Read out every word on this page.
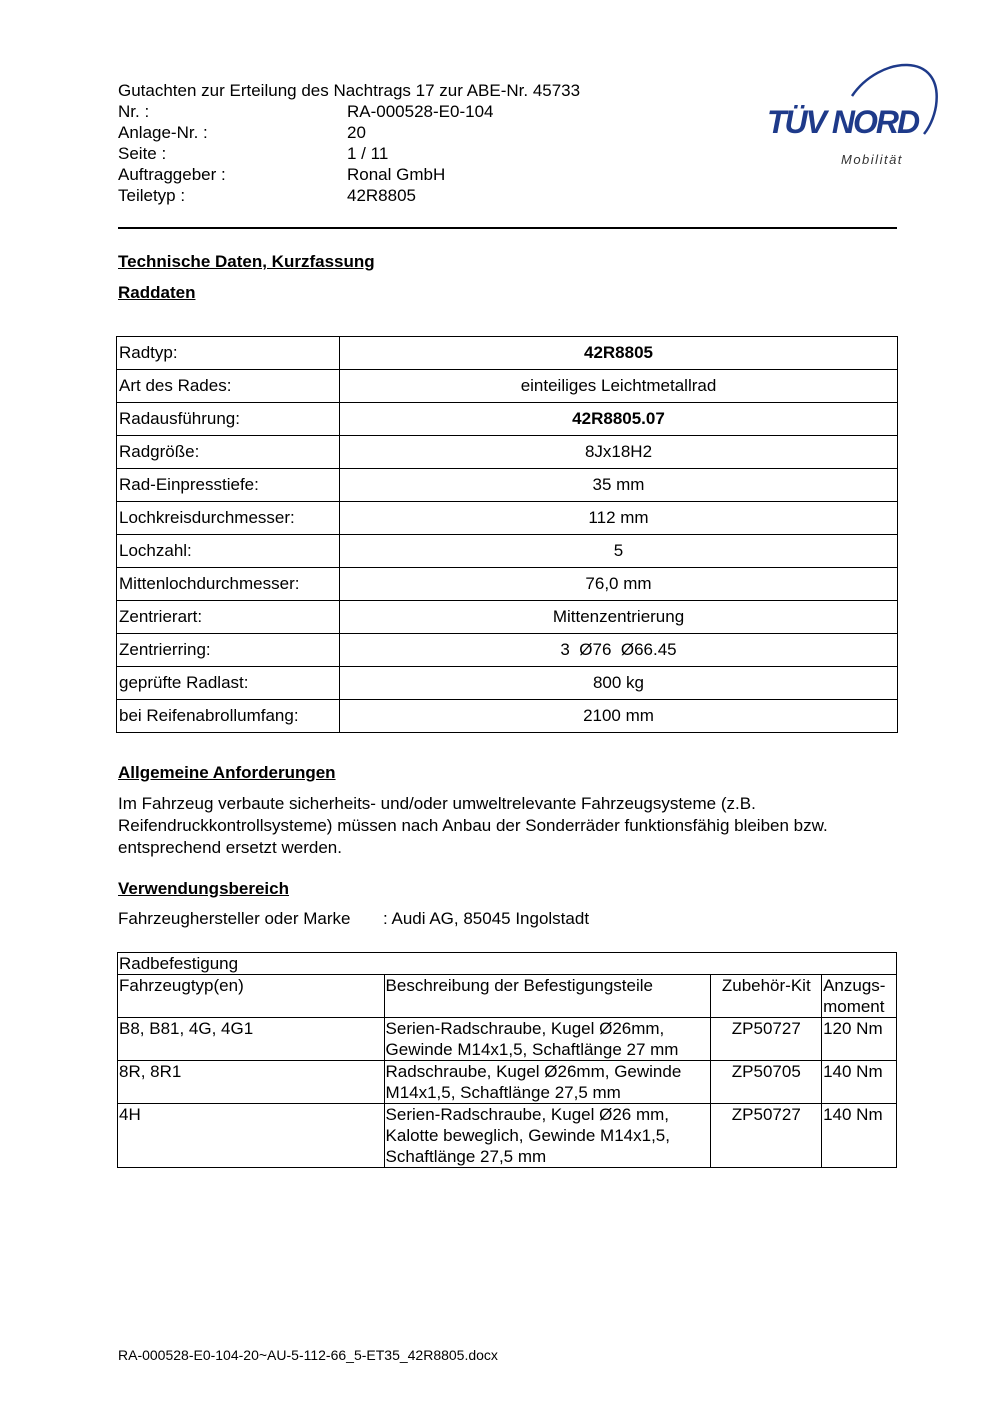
Gutachten zur Erteilung des Nachtrags 17 zur ABE-Nr. 45733
Nr. :	RA-000528-E0-104
Anlage-Nr. :	20
Seite :	1 / 11
Auftraggeber :	Ronal GmbH
Teiletyp :	42R8805
TÜV NORD
Mobilität
Technische Daten, Kurzfassung
Raddaten
Radtyp:	42R8805
Art des Rades:	einteiliges Leichtmetallrad
Radausführung:	42R8805.07
Radgröße:	8Jx18H2
Rad-Einpresstiefe:	35 mm
Lochkreisdurchmesser:	112 mm
Lochzahl:	5
Mittenlochdurchmesser:	76,0 mm
Zentrierart:	Mittenzentrierung
Zentrierring:	3  Ø76  Ø66.45
geprüfte Radlast:	800 kg
bei Reifenabrollumfang:	2100 mm
Allgemeine Anforderungen
Im Fahrzeug verbaute sicherheits- und/oder umweltrelevante Fahrzeugsysteme (z.B. Reifendruckkontrollsysteme) müssen nach Anbau der Sonderräder funktionsfähig bleiben bzw. entsprechend ersetzt werden.
Verwendungsbereich
Fahrzeughersteller oder Marke : Audi AG, 85045 Ingolstadt
Radbefestigung			
Fahrzeugtyp(en)	Beschreibung der Befestigungsteile	Zubehör-Kit	Anzugs-moment
B8, B81, 4G, 4G1	Serien-Radschraube, Kugel Ø26mm, Gewinde M14x1,5, Schaftlänge 27 mm	ZP50727	120 Nm
8R, 8R1	Radschraube, Kugel Ø26mm, Gewinde M14x1,5, Schaftlänge 27,5 mm	ZP50705	140 Nm
4H	Serien-Radschraube, Kugel Ø26 mm, Kalotte beweglich, Gewinde M14x1,5, Schaftlänge 27,5 mm	ZP50727	140 Nm
RA-000528-E0-104-20~AU-5-112-66_5-ET35_42R8805.docx
